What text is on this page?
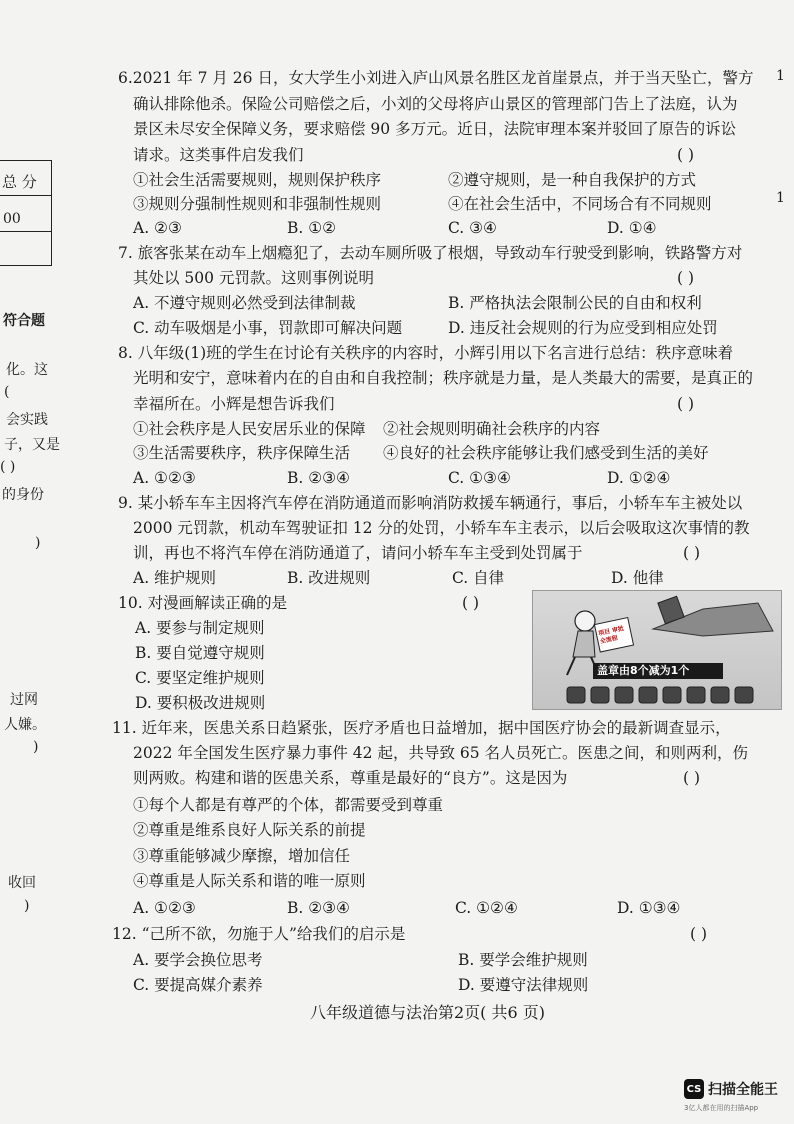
总 分
00
符合题
化。这
(
会实践
子，又是
( )
的身份
)
过网
人嫌。
)
收回
)
1
1
6.2021 年 7 月 26 日，女大学生小刘进入庐山风景名胜区龙首崖景点，并于当天坠亡，警方
确认排除他杀。保险公司赔偿之后，小刘的父母将庐山景区的管理部门告上了法庭，认为
景区未尽安全保障义务，要求赔偿 90 多万元。近日，法院审理本案并驳回了原告的诉讼
请求。这类事件启发我们	( )
①社会生活需要规则，规则保护秩序	②遵守规则，是一种自我保护的方式
③规则分强制性规则和非强制性规则	④在社会生活中，不同场合有不同规则
A. ②③	B. ①②	C. ③④	D. ①④
7. 旅客张某在动车上烟瘾犯了，去动车厕所吸了根烟，导致动车行驶受到影响，铁路警方对
其处以 500 元罚款。这则事例说明	( )
A. 不遵守规则必然受到法律制裁	B. 严格执法会限制公民的自由和权利
C. 动车吸烟是小事，罚款即可解决问题	D. 违反社会规则的行为应受到相应处罚
8. 八年级(1)班的学生在讨论有关秩序的内容时，小辉引用以下名言进行总结：秩序意味着
光明和安宁，意味着内在的自由和自我控制；秩序就是力量，是人类最大的需要，是真正的
幸福所在。小辉是想告诉我们	( )
①社会秩序是人民安居乐业的保障 ②社会规则明确社会秩序的内容
③生活需要秩序，秩序保障生活 ④良好的社会秩序能够让我们感受到生活的美好
A. ①②③	B. ②③④	C. ①③④	D. ①②④
9. 某小轿车车主因将汽车停在消防通道而影响消防救援车辆通行，事后，小轿车车主被处以
2000 元罚款，机动车驾驶证扣 12 分的处罚，小轿车车主表示，以后会吸取这次事情的教
训，再也不将汽车停在消防通道了，请问小轿车车主受到处罚属于	( )
A. 维护规则	B. 改进规则	C. 自律	D. 他律
10. 对漫画解读正确的是	( )
A. 要参与制定规则
B. 要自觉遵守规则
C. 要坚定维护规则
D. 要积极改进规则
项目 审批 全流程
盖章由8个减为1个
11. 近年来，医患关系日趋紧张，医疗矛盾也日益增加，据中国医疗协会的最新调查显示，
2022 年全国发生医疗暴力事件 42 起，共导致 65 名人员死亡。医患之间，和则两利，伤
则两败。构建和谐的医患关系，尊重是最好的“良方”。这是因为	( )
①每个人都是有尊严的个体，都需要受到尊重
②尊重是维系良好人际关系的前提
③尊重能够减少摩擦，增加信任
④尊重是人际关系和谐的唯一原则
A. ①②③	B. ②③④	C. ①②④	D. ①③④
12. “己所不欲，勿施于人”给我们的启示是	( )
A. 要学会换位思考	B. 要学会维护规则
C. 要提高媒介素养	D. 要遵守法律规则
八年级道德与法治第2页( 共6 页)
CS 扫描全能王
3亿人都在用的扫描App
